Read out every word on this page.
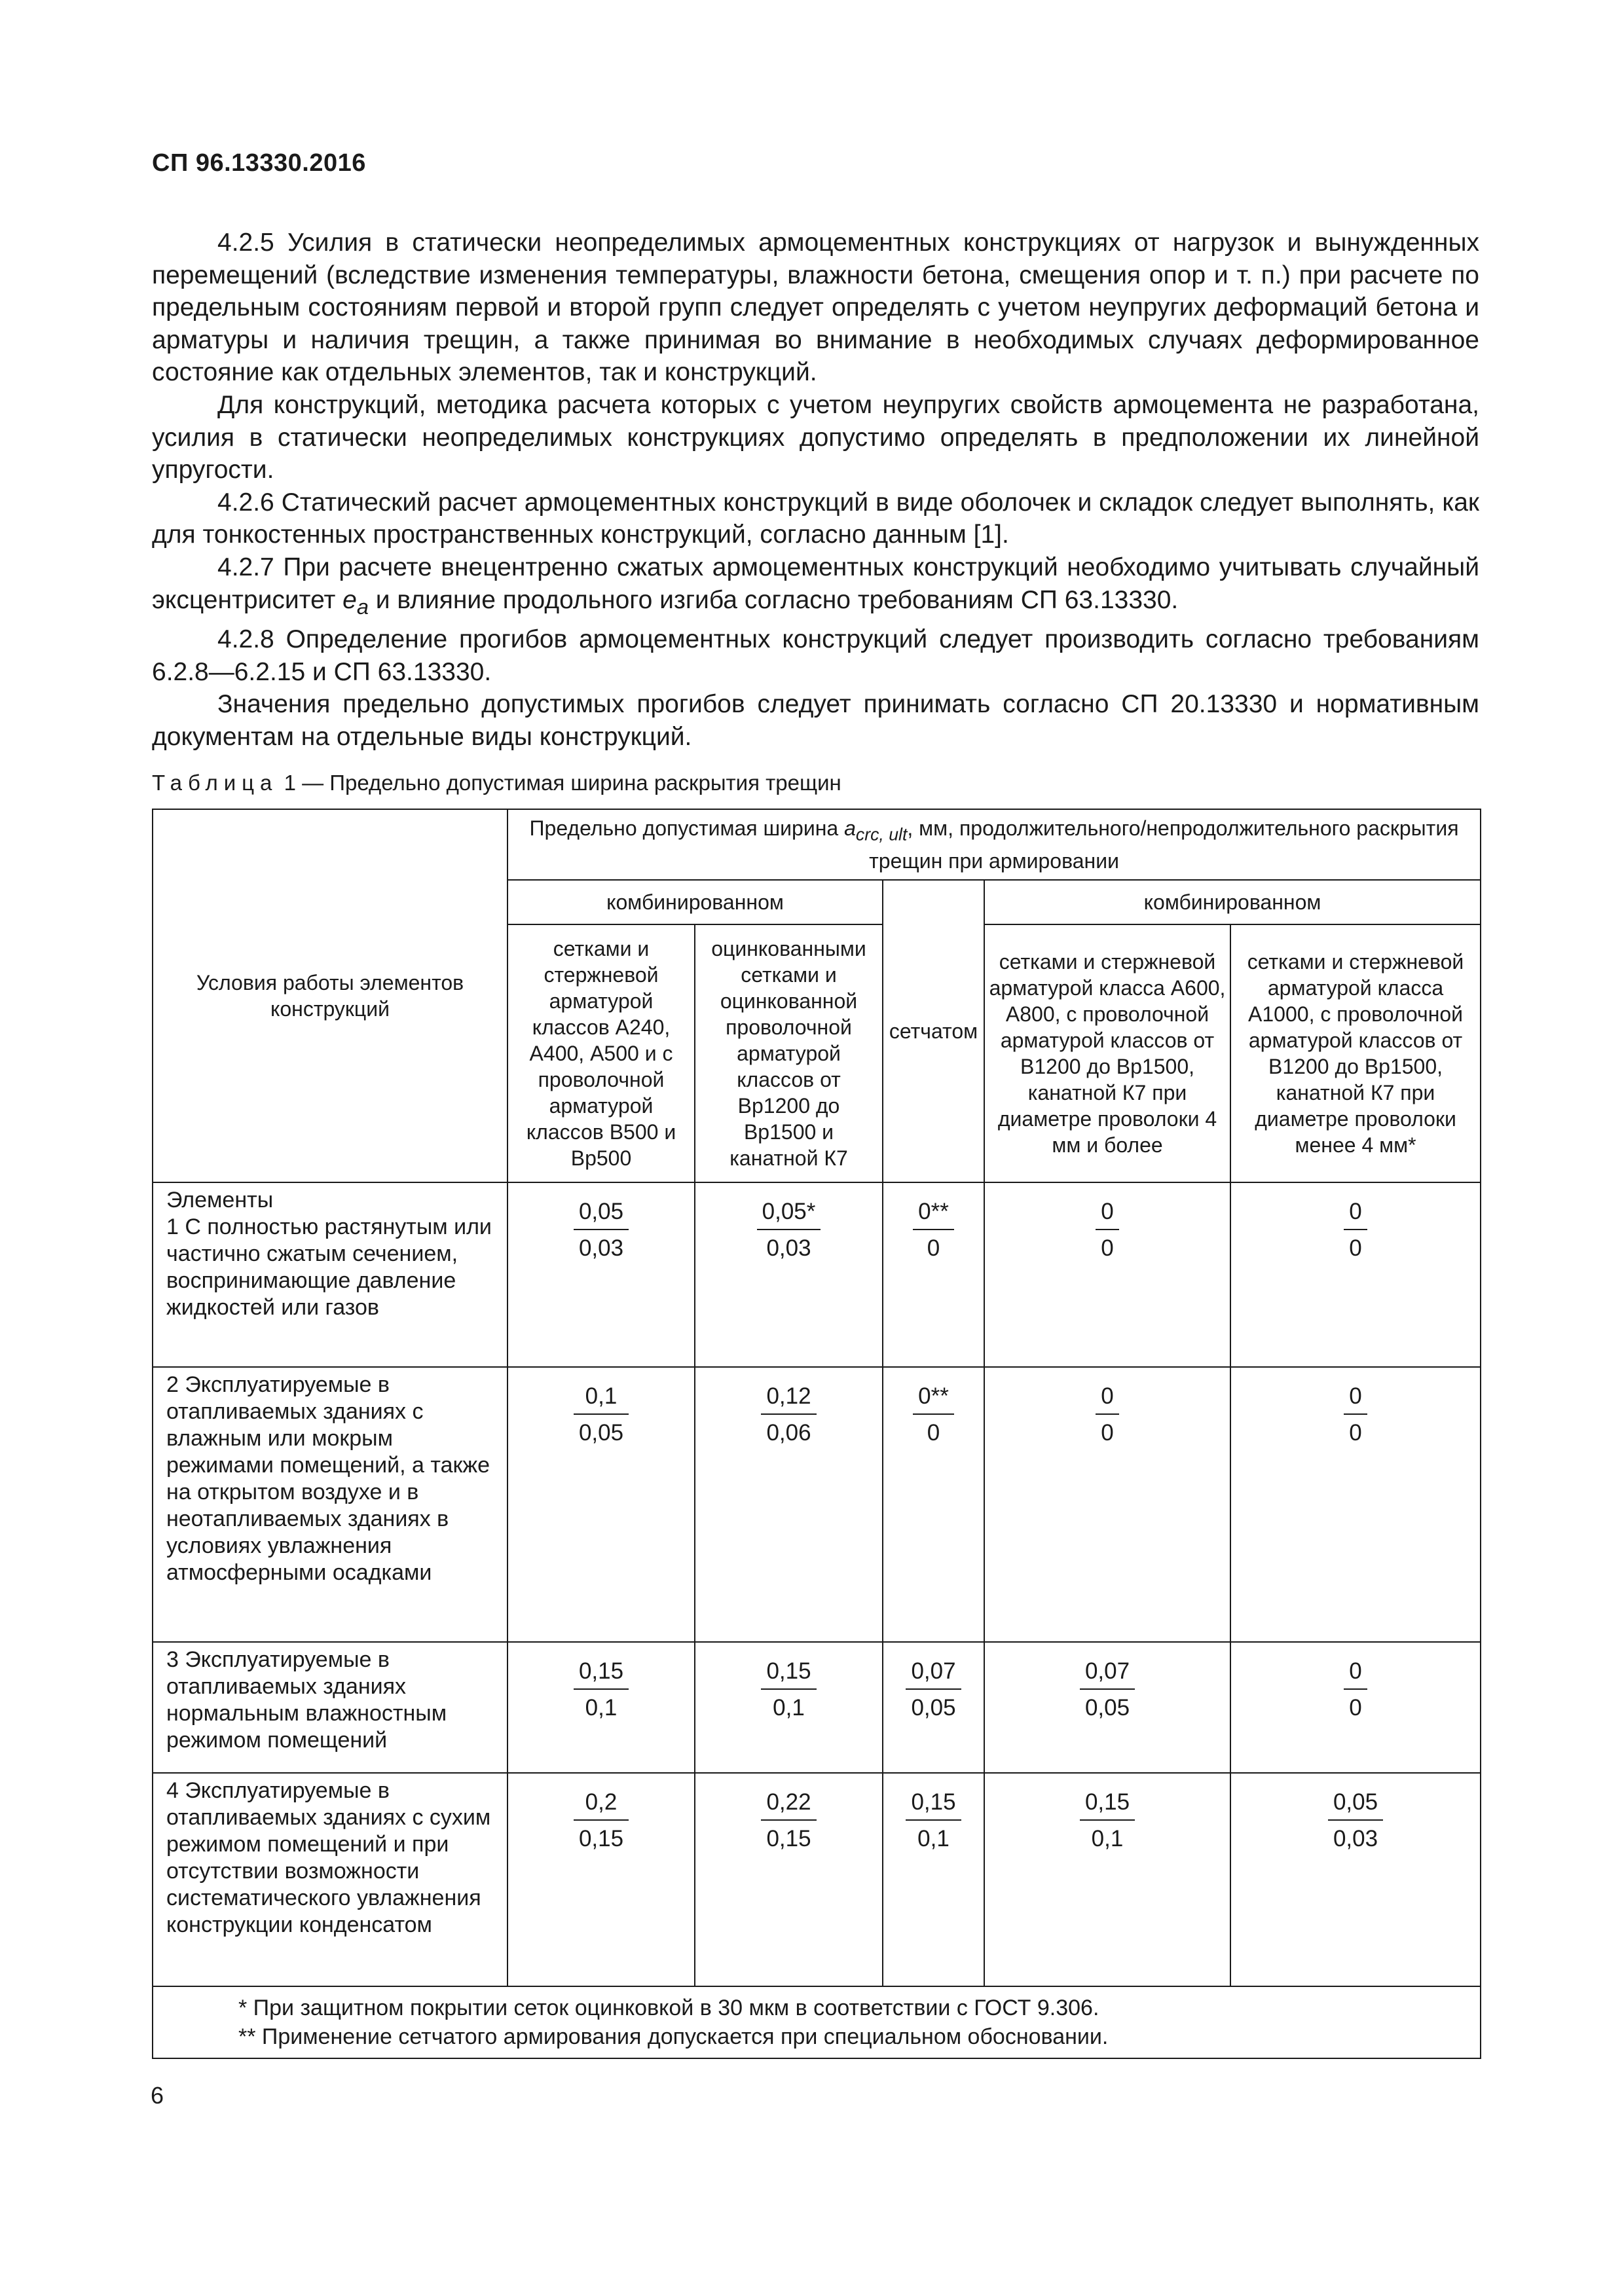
СП 96.13330.2016

4.2.5 Усилия в статически неопределимых армоцементных конструкциях от нагрузок и вынужденных перемещений (вследствие изменения температуры, влажности бетона, смещения опор и т. п.) при расчете по предельным состояниям первой и второй групп следует определять с учетом неупругих деформаций бетона и арматуры и наличия трещин, а также принимая во внимание в необходимых случаях деформированное состояние как отдельных элементов, так и конструкций.

Для конструкций, методика расчета которых с учетом неупругих свойств армоцемента не разработана, усилия в статически неопределимых конструкциях допустимо определять в предположении их линейной упругости.

4.2.6 Статический расчет армоцементных конструкций в виде оболочек и складок следует выполнять, как для тонкостенных пространственных конструкций, согласно данным [1].

4.2.7 При расчете внецентренно сжатых армоцементных конструкций необходимо учитывать случайный эксцентриситет $e_a$ и влияние продольного изгиба согласно требованиям СП 63.13330.

4.2.8 Определение прогибов армоцементных конструкций следует производить согласно требованиям 6.2.8—6.2.15 и СП 63.13330.

Значения предельно допустимых прогибов следует принимать согласно СП 20.13330 и нормативным документам на отдельные виды конструкций.

Таблица 1 — Предельно допустимая ширина раскрытия трещин
Условия работы элементов конструкций	Предельно допустимая ширина $a_{crc, ult}$, мм, продолжительного/непродолжительного раскрытия трещин при армировании				
	комбинированном		сетчатом	комбинированном	
	сетками и стержневой арматурой классов А240, А400, А500 и с проволочной арматурой классов В500 и Вр500	оцинкованными сетками и оцинкованной проволочной арматурой классов от Вр1200 до Вр1500 и канатной К7		сетками и стержневой арматурой класса А600, А800, с проволочной арматурой классов от В1200 до Вр1500, канатной К7 при диаметре проволоки 4 мм и более	сетками и стержневой арматурой класса А1000, с проволочной арматурой классов от В1200 до Вр1500, канатной К7 при диаметре проволоки менее 4 мм*
Элементы
1 С полностью растянутым или частично сжатым сечением, воспринимающие давление жидкостей или газов	$\frac{0,05}{0,03}$	$\frac{0,05*}{0,03}$	$\frac{0**}{0}$	$\frac{0}{0}$	$\frac{0}{0}$

2 Эксплуатируемые в отапливаемых зданиях с влажным или мокрым режимами помещений, а также на открытом воздухе и в неотапливаемых зданиях в условиях увлажнения атмосферными осадками	$\frac{0,1}{0,05}$	$\frac{0,12}{0,06}$	$\frac{0**}{0}$	$\frac{0}{0}$	$\frac{0}{0}$

3 Эксплуатируемые в отапливаемых зданиях нормальным влажностным режимом помещений	$\frac{0,15}{0,1}$	$\frac{0,15}{0,1}$	$\frac{0,07}{0,05}$	$\frac{0,07}{0,05}$	$\frac{0}{0}$

4 Эксплуатируемые в отапливаемых зданиях с сухим режимом помещений и при отсутствии возможности систематического увлажнения конструкции конденсатом	$\frac{0,2}{0,15}$	$\frac{0,22}{0,15}$	$\frac{0,15}{0,1}$	$\frac{0,15}{0,1}$	$\frac{0,05}{0,03}$

* При защитном покрытии сеток оцинковкой в 30 мкм в соответствии с ГОСТ 9.306.
** Применение сетчатого армирования допускается при специальном обосновании.					
6
